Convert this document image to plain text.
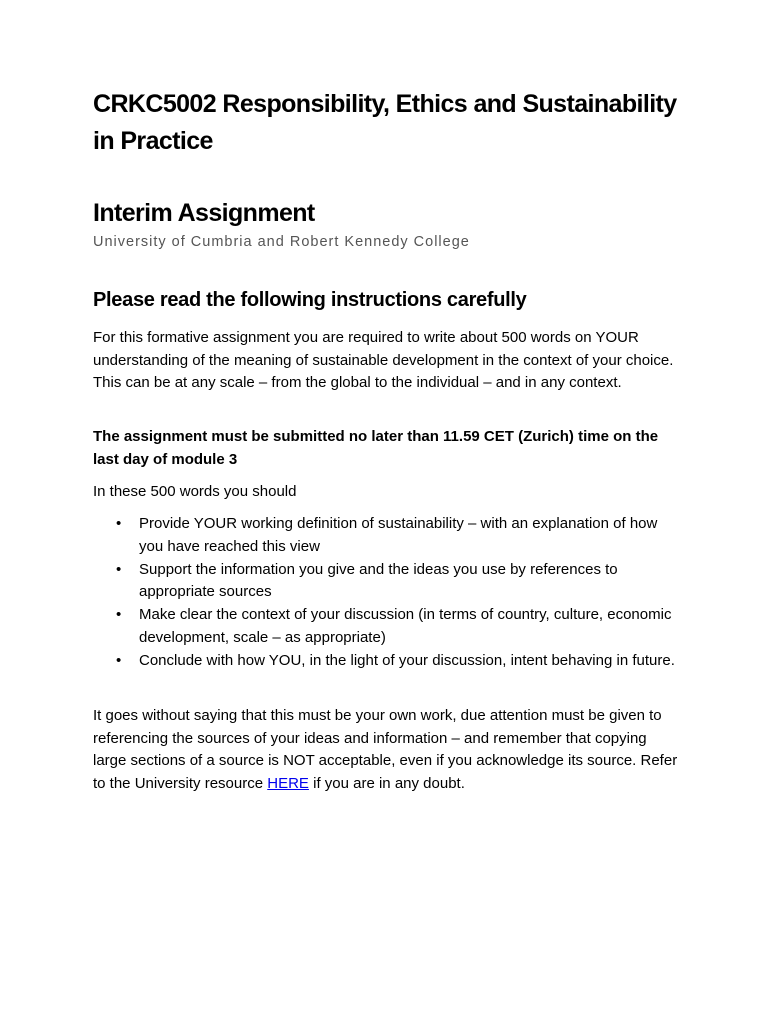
CRKC5002 Responsibility, Ethics and Sustainability in Practice
Interim Assignment

University of Cumbria and Robert Kennedy College

Please read the following instructions carefully

For this formative assignment you are required to write about 500 words on YOUR understanding of the meaning of sustainable development in the context of your choice. This can be at any scale – from the global to the individual – and in any context.

The assignment must be submitted no later than 11.59 CET (Zurich) time on the last day of module 3

In these 500 words you should

• Provide YOUR working definition of sustainability – with an explanation of how you have reached this view
• Support the information you give and the ideas you use by references to appropriate sources
• Make clear the context of your discussion (in terms of country, culture, economic development, scale – as appropriate)
• Conclude with how YOU, in the light of your discussion, intent behaving in future.

It goes without saying that this must be your own work, due attention must be given to referencing the sources of your ideas and information – and remember that copying large sections of a source is NOT acceptable, even if you acknowledge its source. Refer to the University resource HERE if you are in any doubt.
